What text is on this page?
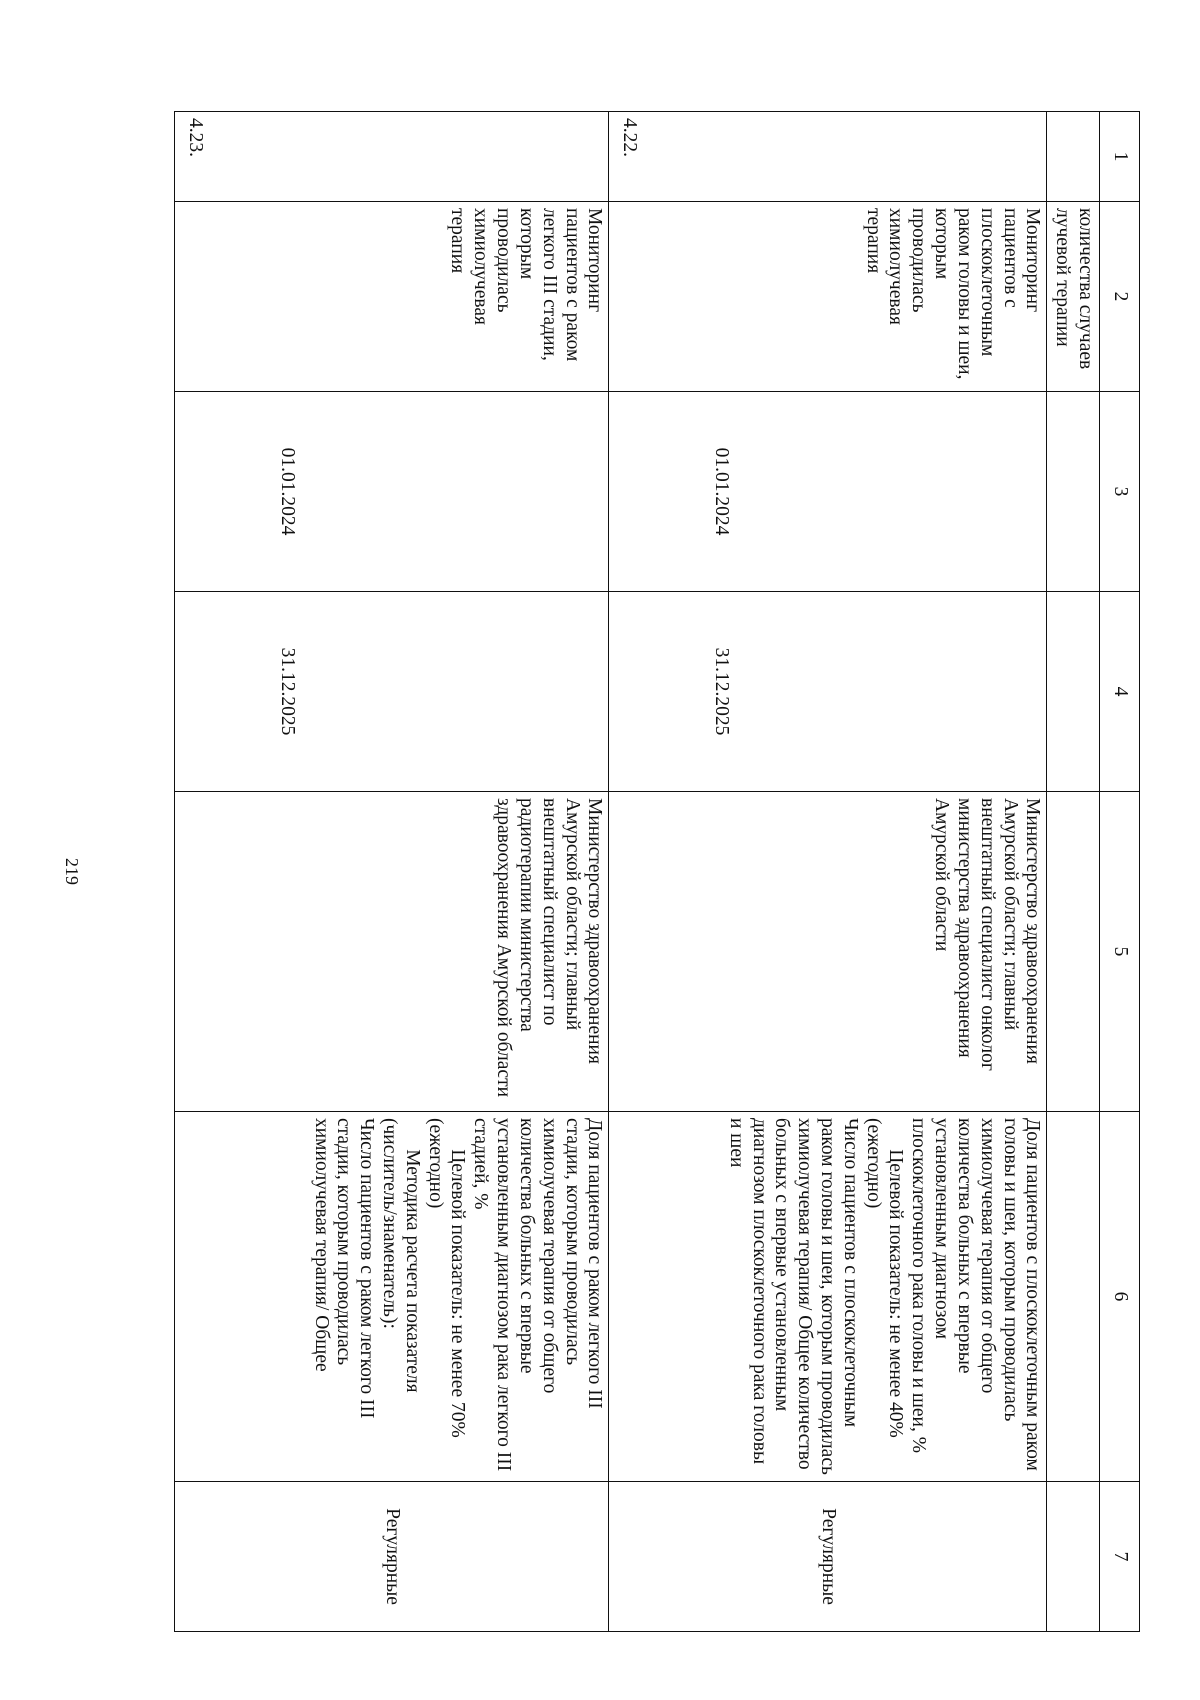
219
1	2	3	4	5	6	7
	количества случаев лучевой терапии					
4.22.	Мониторинг пациентов с плоскоклеточным раком головы и шеи, которым проводилась химиолучевая терапия	01.01.2024	31.12.2025	Министерство здравоохранения Амурской области; главный внештатный специалист онколог министерства здравоохранения Амурской области	Доля пациентов с плоскоклеточным раком головы и шеи, которым проводилась химиолучевая терапия от общего количества больных с впервые установленным диагнозом плоскоклеточного рака головы и шеи, %

Целевой показатель: не менее 40% (ежегодно)

Число пациентов с плоскоклеточным раком головы и шеи, которым проводилась химиолучевая терапия/ Общее количество больных с впервые установленным диагнозом плоскоклеточного рака головы и шеи	Регулярные
4.23.	Мониторинг пациентов с раком легкого III стадии, которым проводилась химиолучевая терапия	01.01.2024	31.12.2025	Министерство здравоохранения Амурской области; главный внештатный специалист по радиотерапии министерства здравоохранения Амурской области	Доля пациентов с раком легкого III стадии, которым проводилась химиолучевая терапия от общего количества больных с впервые установленным диагнозом рака легкого III стадией, %

Целевой показатель: не менее 70% (ежегодно)

Методика расчета показателя (числитель/знаменатель):

Число пациентов с раком легкого III стадии, которым проводилась химиолучевая терапия/ Общее	Регулярные
